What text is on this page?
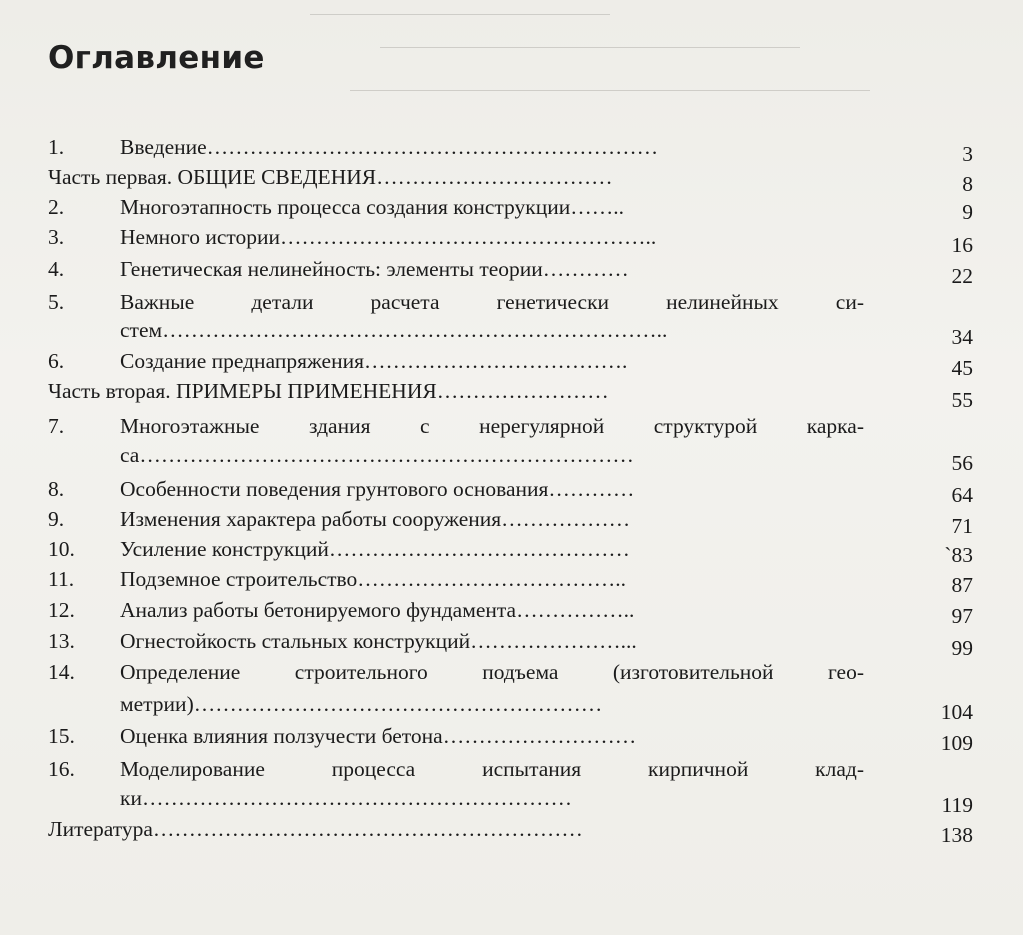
Оглавление
1.	Введение………………………………………………………	3
Часть первая. ОБЩИЕ СВЕДЕНИЯ……………………………	8
2.	Многоэтапность процесса создания конструкции……..	9
3.	Немного истории……………………………………………..	16
4.	Генетическая нелинейность: элементы теории…………	22
5.	Важные детали расчета генетически нелинейных си-
стем……………………………………………………………..	34
6.	Создание преднапряжения……………………………….	45
Часть вторая. ПРИМЕРЫ ПРИМЕНЕНИЯ……………………	55
7.	Многоэтажные здания с нерегулярной структурой карка-
са……………………………………………………………	56
8.	Особенности поведения грунтового основания…………	64
9.	Изменения характера работы сооружения………………	71
10. Усиление конструкций……………………………………	`83
11. Подземное строительство………………………………..	87
12. Анализ работы бетонируемого фундамента……………..	97
13. Огнестойкость стальных конструкций…………………...	99
14. Определение строительного подъема (изготовительной гео-
метрии)…………………………………………………	104
15. Оценка влияния ползучести бетона………………………	109
16. Моделирование процесса испытания кирпичной клад-
ки……………………………………………………	119
Литература……………………………………………………	138
